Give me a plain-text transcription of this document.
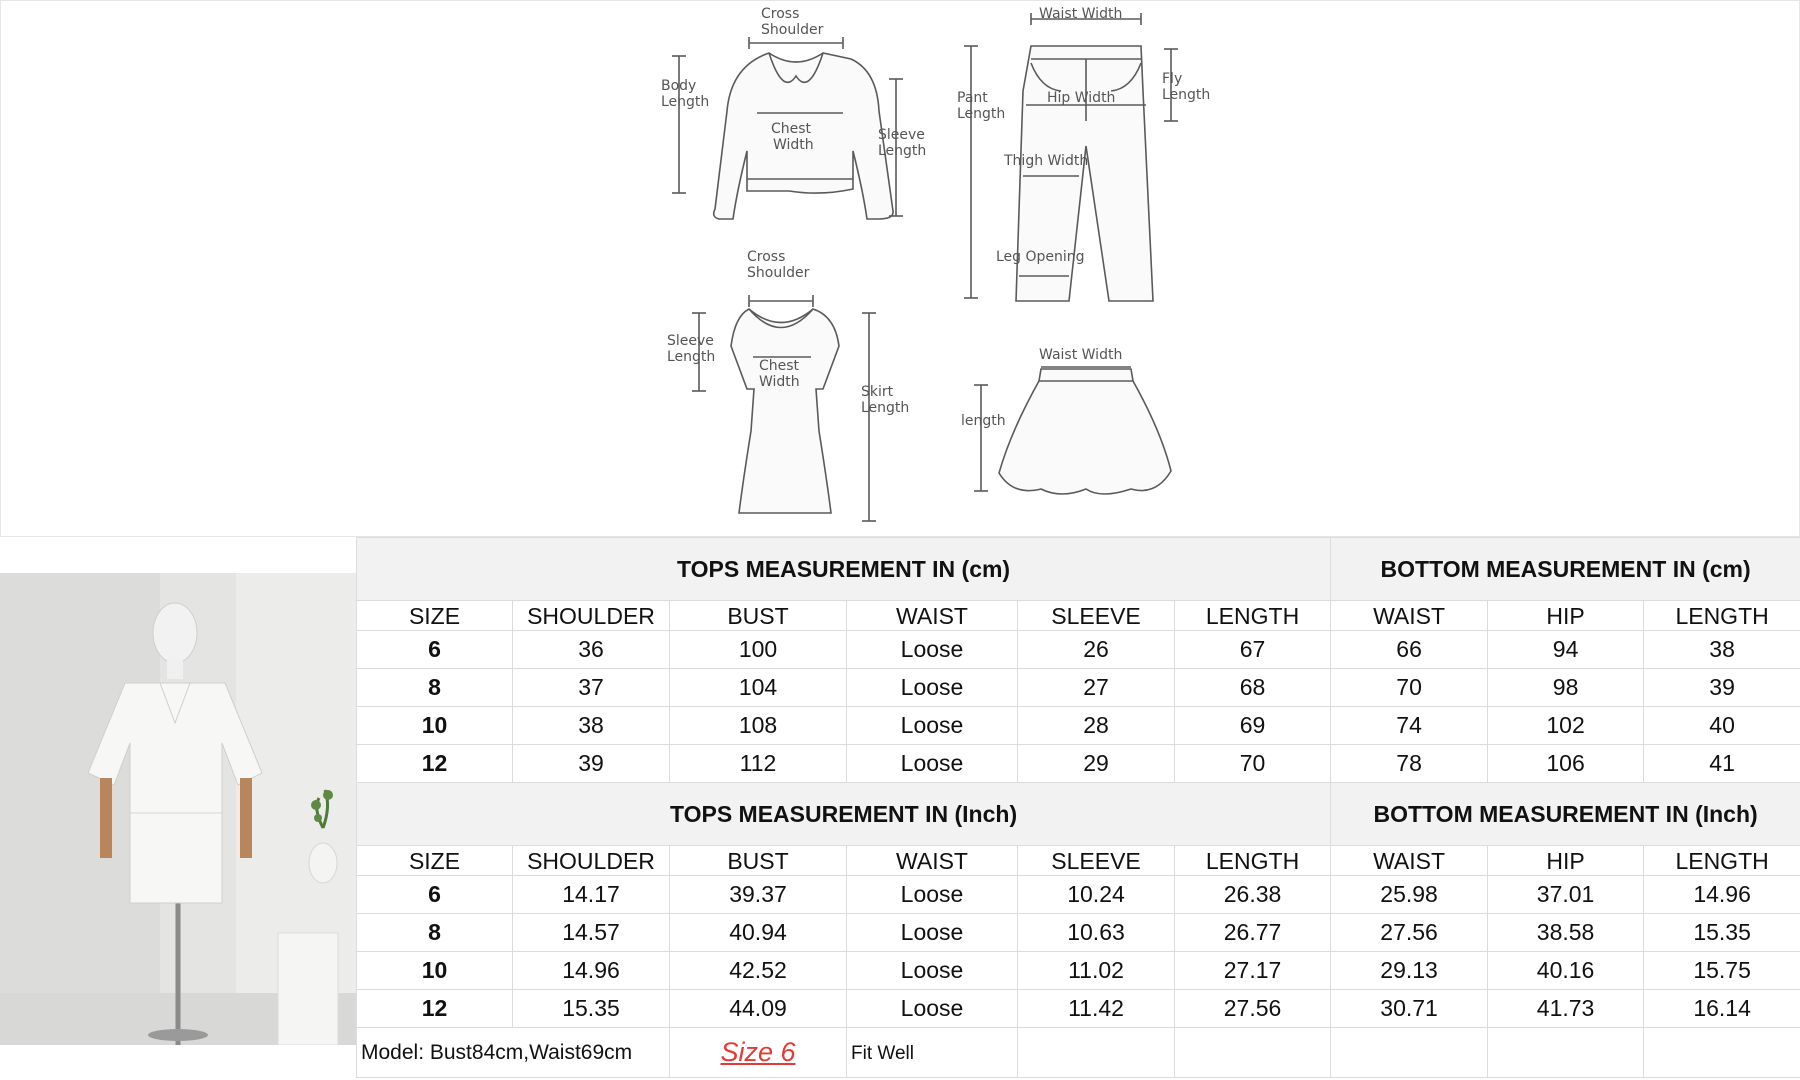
Cross
Shoulder
Body
Length
Chest
Width
Sleeve
Length
Waist Width
Pant
Length
Fly
Length
Hip Width
Thigh Width
Leg Opening
Cross
Shoulder
Sleeve
Length
Chest
Width
Skirt
Length
Waist Width
length
TOPS MEASUREMENT IN (cm)						BOTTOM MEASUREMENT IN (cm)		
SIZE	SHOULDER	BUST	WAIST	SLEEVE	LENGTH	WAIST	HIP	LENGTH
6	36	100	Loose	26	67	66	94	38
8	37	104	Loose	27	68	70	98	39
10	38	108	Loose	28	69	74	102	40
12	39	112	Loose	29	70	78	106	41
TOPS MEASUREMENT IN (Inch)						BOTTOM MEASUREMENT IN (Inch)		
SIZE	SHOULDER	BUST	WAIST	SLEEVE	LENGTH	WAIST	HIP	LENGTH
6	14.17	39.37	Loose	10.24	26.38	25.98	37.01	14.96
8	14.57	40.94	Loose	10.63	26.77	27.56	38.58	15.35
10	14.96	42.52	Loose	11.02	27.17	29.13	40.16	15.75
12	15.35	44.09	Loose	11.42	27.56	30.71	41.73	16.14
Model: Bust84cm,Waist69cm		Size 6	Fit Well					
